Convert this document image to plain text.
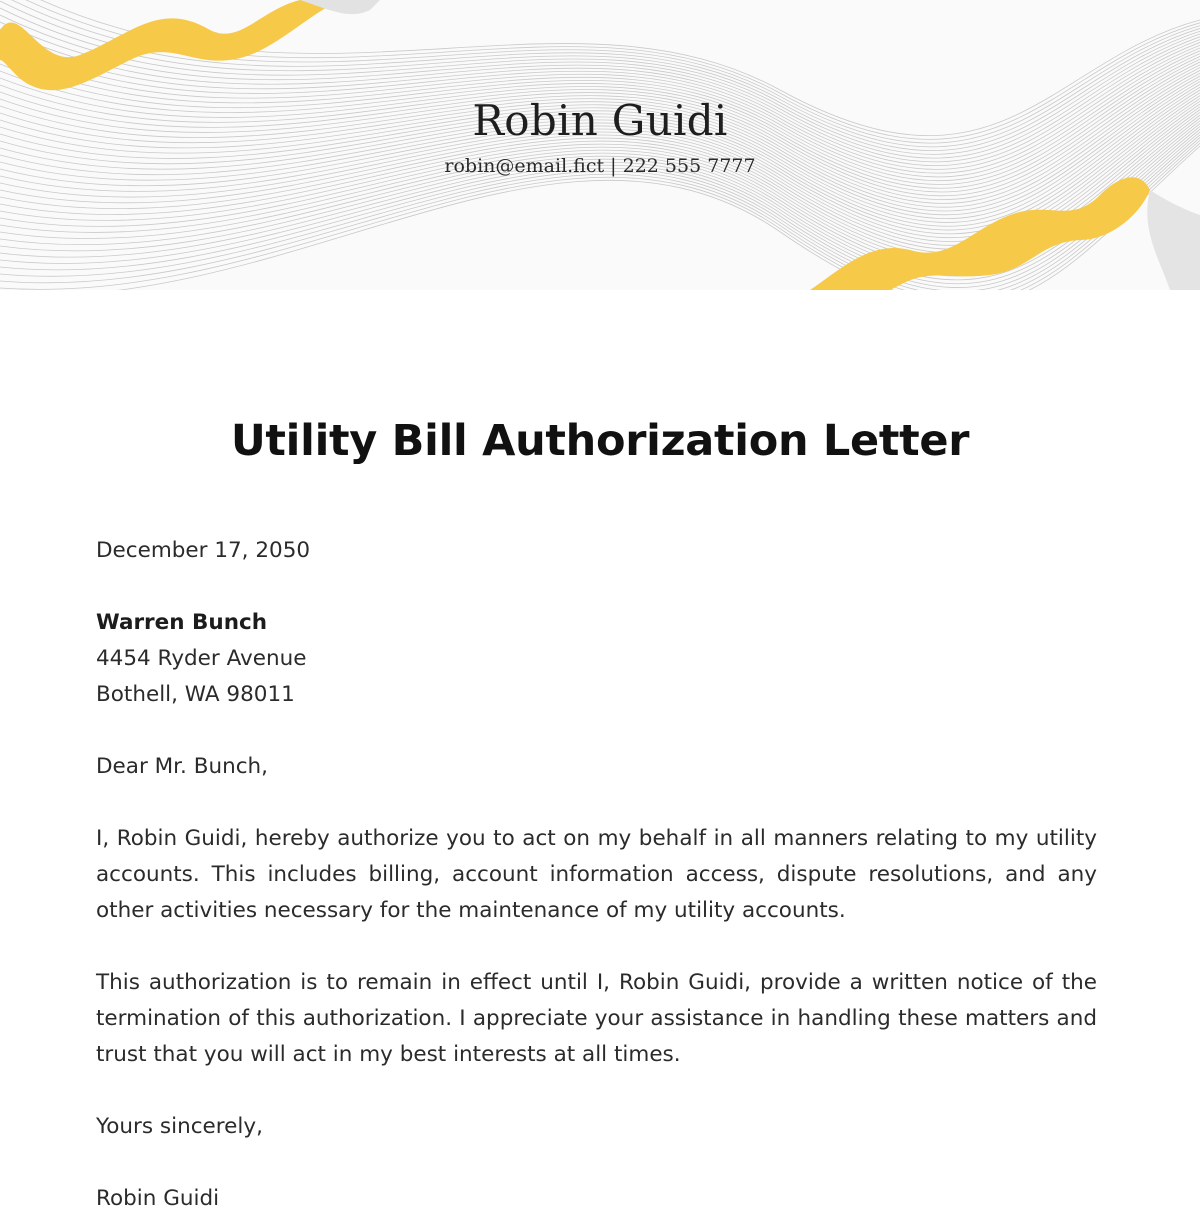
Robin Guidi
robin@email.fict | 222 555 7777
Utility Bill Authorization Letter
December 17, 2050
Warren Bunch
4454 Ryder Avenue
Bothell, WA 98011
Dear Mr. Bunch,
I, Robin Guidi, hereby authorize you to act on my behalf in all manners relating to my utility accounts. This includes billing, account information access, dispute resolutions, and any other activities necessary for the maintenance of my utility accounts.
This authorization is to remain in effect until I, Robin Guidi, provide a written notice of the termination of this authorization. I appreciate your assistance in handling these matters and trust that you will act in my best interests at all times.
Yours sincerely,
Robin Guidi
